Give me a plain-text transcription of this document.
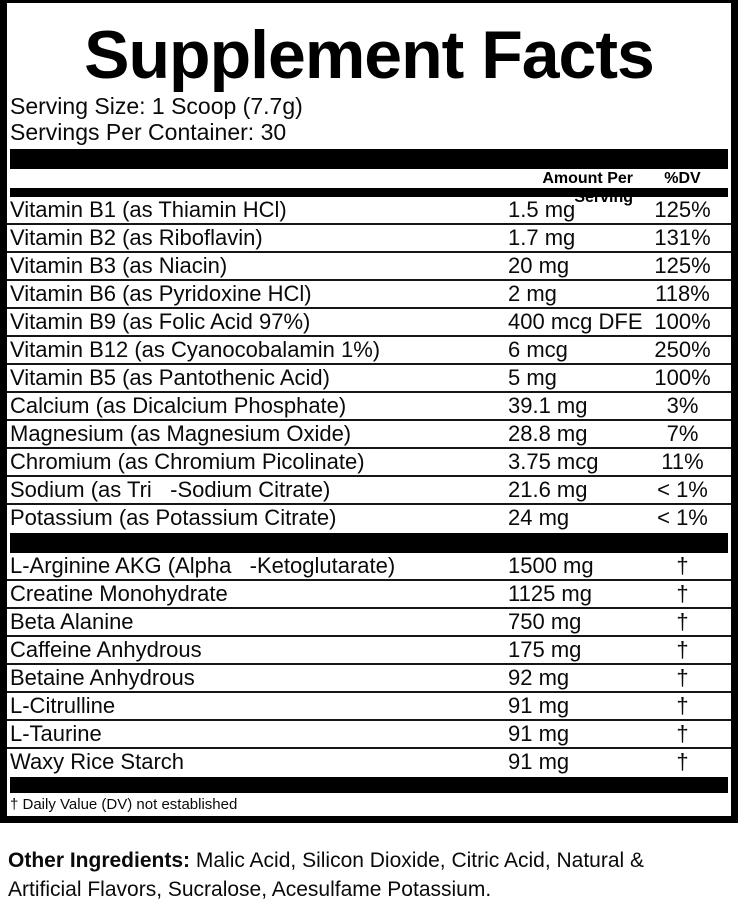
Supplement Facts
Serving Size: 1 Scoop (7.7g)
Servings Per Container: 30
Amount Per Serving
%DV
Vitamin B1 (as Thiamin HCl)	1.5 mg	125%
Vitamin B2 (as Riboflavin)	1.7 mg	131%
Vitamin B3 (as Niacin)	20 mg	125%
Vitamin B6 (as Pyridoxine HCl)	2 mg	118%
Vitamin B9 (as Folic Acid 97%)	400 mcg DFE 100%
Vitamin B12 (as Cyanocobalamin 1%)	6 mcg	250%
Vitamin B5 (as Pantothenic Acid)	5 mg	100%
Calcium (as Dicalcium Phosphate)	39.1 mg	3%
Magnesium (as Magnesium Oxide)	28.8 mg	7%
Chromium (as Chromium Picolinate)	3.75 mcg	11%
Sodium (as Tri   -Sodium Citrate)	21.6 mg	< 1%
Potassium (as Potassium Citrate)	24 mg	< 1%
L-Arginine AKG (Alpha   -Ketoglutarate)	1500 mg	†
Creatine Monohydrate	1125 mg	†
Beta Alanine	750 mg	†
Caffeine Anhydrous	175 mg	†
Betaine Anhydrous	92 mg	†
L-Citrulline	91 mg	†
L-Taurine	91 mg	†
Waxy Rice Starch	91 mg	†
† Daily Value (DV) not established

Other Ingredients: Malic Acid, Silicon Dioxide, Citric Acid, Natural &
Artificial Flavors, Sucralose, Acesulfame Potassium.
